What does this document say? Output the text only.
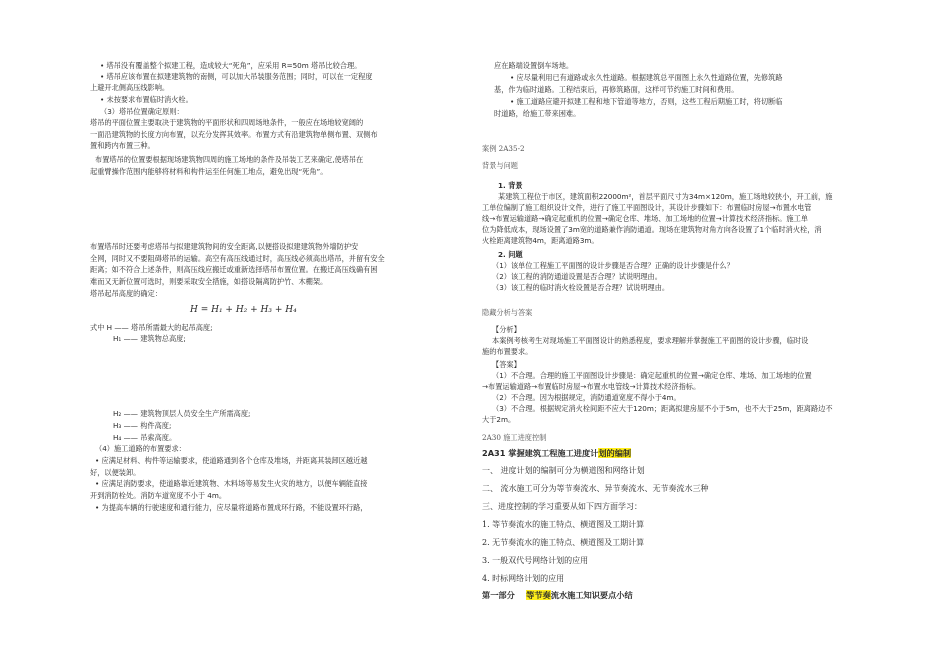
• 塔吊没有覆盖整个拟建工程，造成较大“死角”，应采用 R=50m 塔吊比较合理。

• 塔吊应该布置在拟建建筑物的南侧，可以加大吊装服务范围；同时，可以在一定程度

上避开北侧高压线影响。

• 未按要求布置临时消火栓。

（3）塔吊位置确定原则：

塔吊的平面位置主要取决于建筑物的平面形状和四周场地条件，一般应在场地较宽阔的

一面沿建筑物的长度方向布置，以充分发挥其效率。布置方式有沿建筑物单侧布置、双侧布

置和跨内布置三种。

布置塔吊的位置要根据现场建筑物四周的施工场地的条件及吊装工艺来确定,使塔吊在

起重臂操作范围内能够将材料和构件运至任何施工地点，避免出现“死角”。

布置塔吊时还要考虑塔吊与拟建建筑物间的安全距离,以便搭设拟建建筑物外墙防护安

全网，同时又不要阻碍塔吊的运输。高空有高压线通过时，高压线必须高出塔吊，并留有安全

距离；如不符合上述条件，则高压线应搬迁或重新选择塔吊布置位置。在搬迁高压线确有困

难而又无新位置可选时，则要采取安全措施，如搭设隔离防护竹、木棚架。

塔吊起吊高度的确定：

H = H₁ + H₂ + H₃ + H₄

式中 H —— 塔吊所需最大的起吊高度;

H₁ —— 建筑物总高度;

H₂ —— 建筑物顶层人员安全生产所需高度;

H₃ —— 构件高度;

H₄ —— 吊索高度。

（4）施工道路的布置要求：

• 应满足材料、构件等运输要求，使道路通到各个仓库及堆场，并距离其装卸区越近越

好，以便装卸。

• 应满足消防要求，使道路靠近建筑物、木料场等易发生火灾的地方，以便车辆能直接

开到消防栓处。消防车道宽度不小于 4m。

• 为提高车辆的行驶速度和通行能力，应尽量将道路布置成环行路，不能设置环行路，

应在路端设置倒车场地。

• 应尽量利用已有道路或永久性道路。根据建筑总平面图上永久性道路位置，先修筑路

基，作为临时道路。工程结束后，再修筑路面，这样可节约施工时间和费用。

• 施工道路应避开拟建工程和地下管道等地方，否则，这些工程后期施工时，将切断临

时道路，给施工带来困难。

案例 2A35-2

背景与问题

1. 背景

某建筑工程位于市区，建筑面积22000m²，首层平面尺寸为34m×120m，施工场地较狭小，开工前，施

工单位编制了施工组织设计文件，进行了施工平面图设计，其设计步骤如下：布置临时房屋→布置水电管

线→布置运输道路→确定起重机的位置→确定仓库、堆场、加工场地的位置→计算技术经济指标。施工单

位为降低成本，现场设置了3m宽的道路兼作消防通道。现场在建筑物对角方向各设置了1个临时消火栓，消

火栓距离建筑物4m，距离道路3m。

2. 问题

（1）该单位工程施工平面图的设计步骤是否合理？正确的设计步骤是什么？

（2）该工程的消防通道设置是否合理？试说明理由。

（3）该工程的临时消火栓设置是否合理？试说明理由。

隐藏分析与答案

【分析】

本案例考核考生对现场施工平面图设计的熟悉程度，要求理解并掌握施工平面图的设计步骤，临时设

施的布置要求。

【答案】

（1）不合理。合理的施工平面图设计步骤是：确定起重机的位置→确定仓库、堆场、加工场地的位置

→布置运输道路→布置临时房屋→布置水电管线→计算技术经济指标。

（2）不合理。因为根据规定，消防通道宽度不得小于4m。

（3）不合理。根据规定消火栓间距不应大于120m；距离拟建房屋不小于5m，也不大于25m，距离路边不

大于2m。

2A30 施工进度控制

2A31 掌握建筑工程施工进度计划的编制

一、 进度计划的编制可分为横道图和网络计划

二、 流水施工可分为等节奏流水、异节奏流水、无节奏流水三种

三、进度控制的学习重要从如下四方面学习：

1. 等节奏流水的施工特点、横道图及工期计算

2. 无节奏流水的施工特点、横道图及工期计算

3. 一般双代号网络计划的应用

4. 时标网络计划的应用

第一部分 等节奏流水施工知识要点小结
